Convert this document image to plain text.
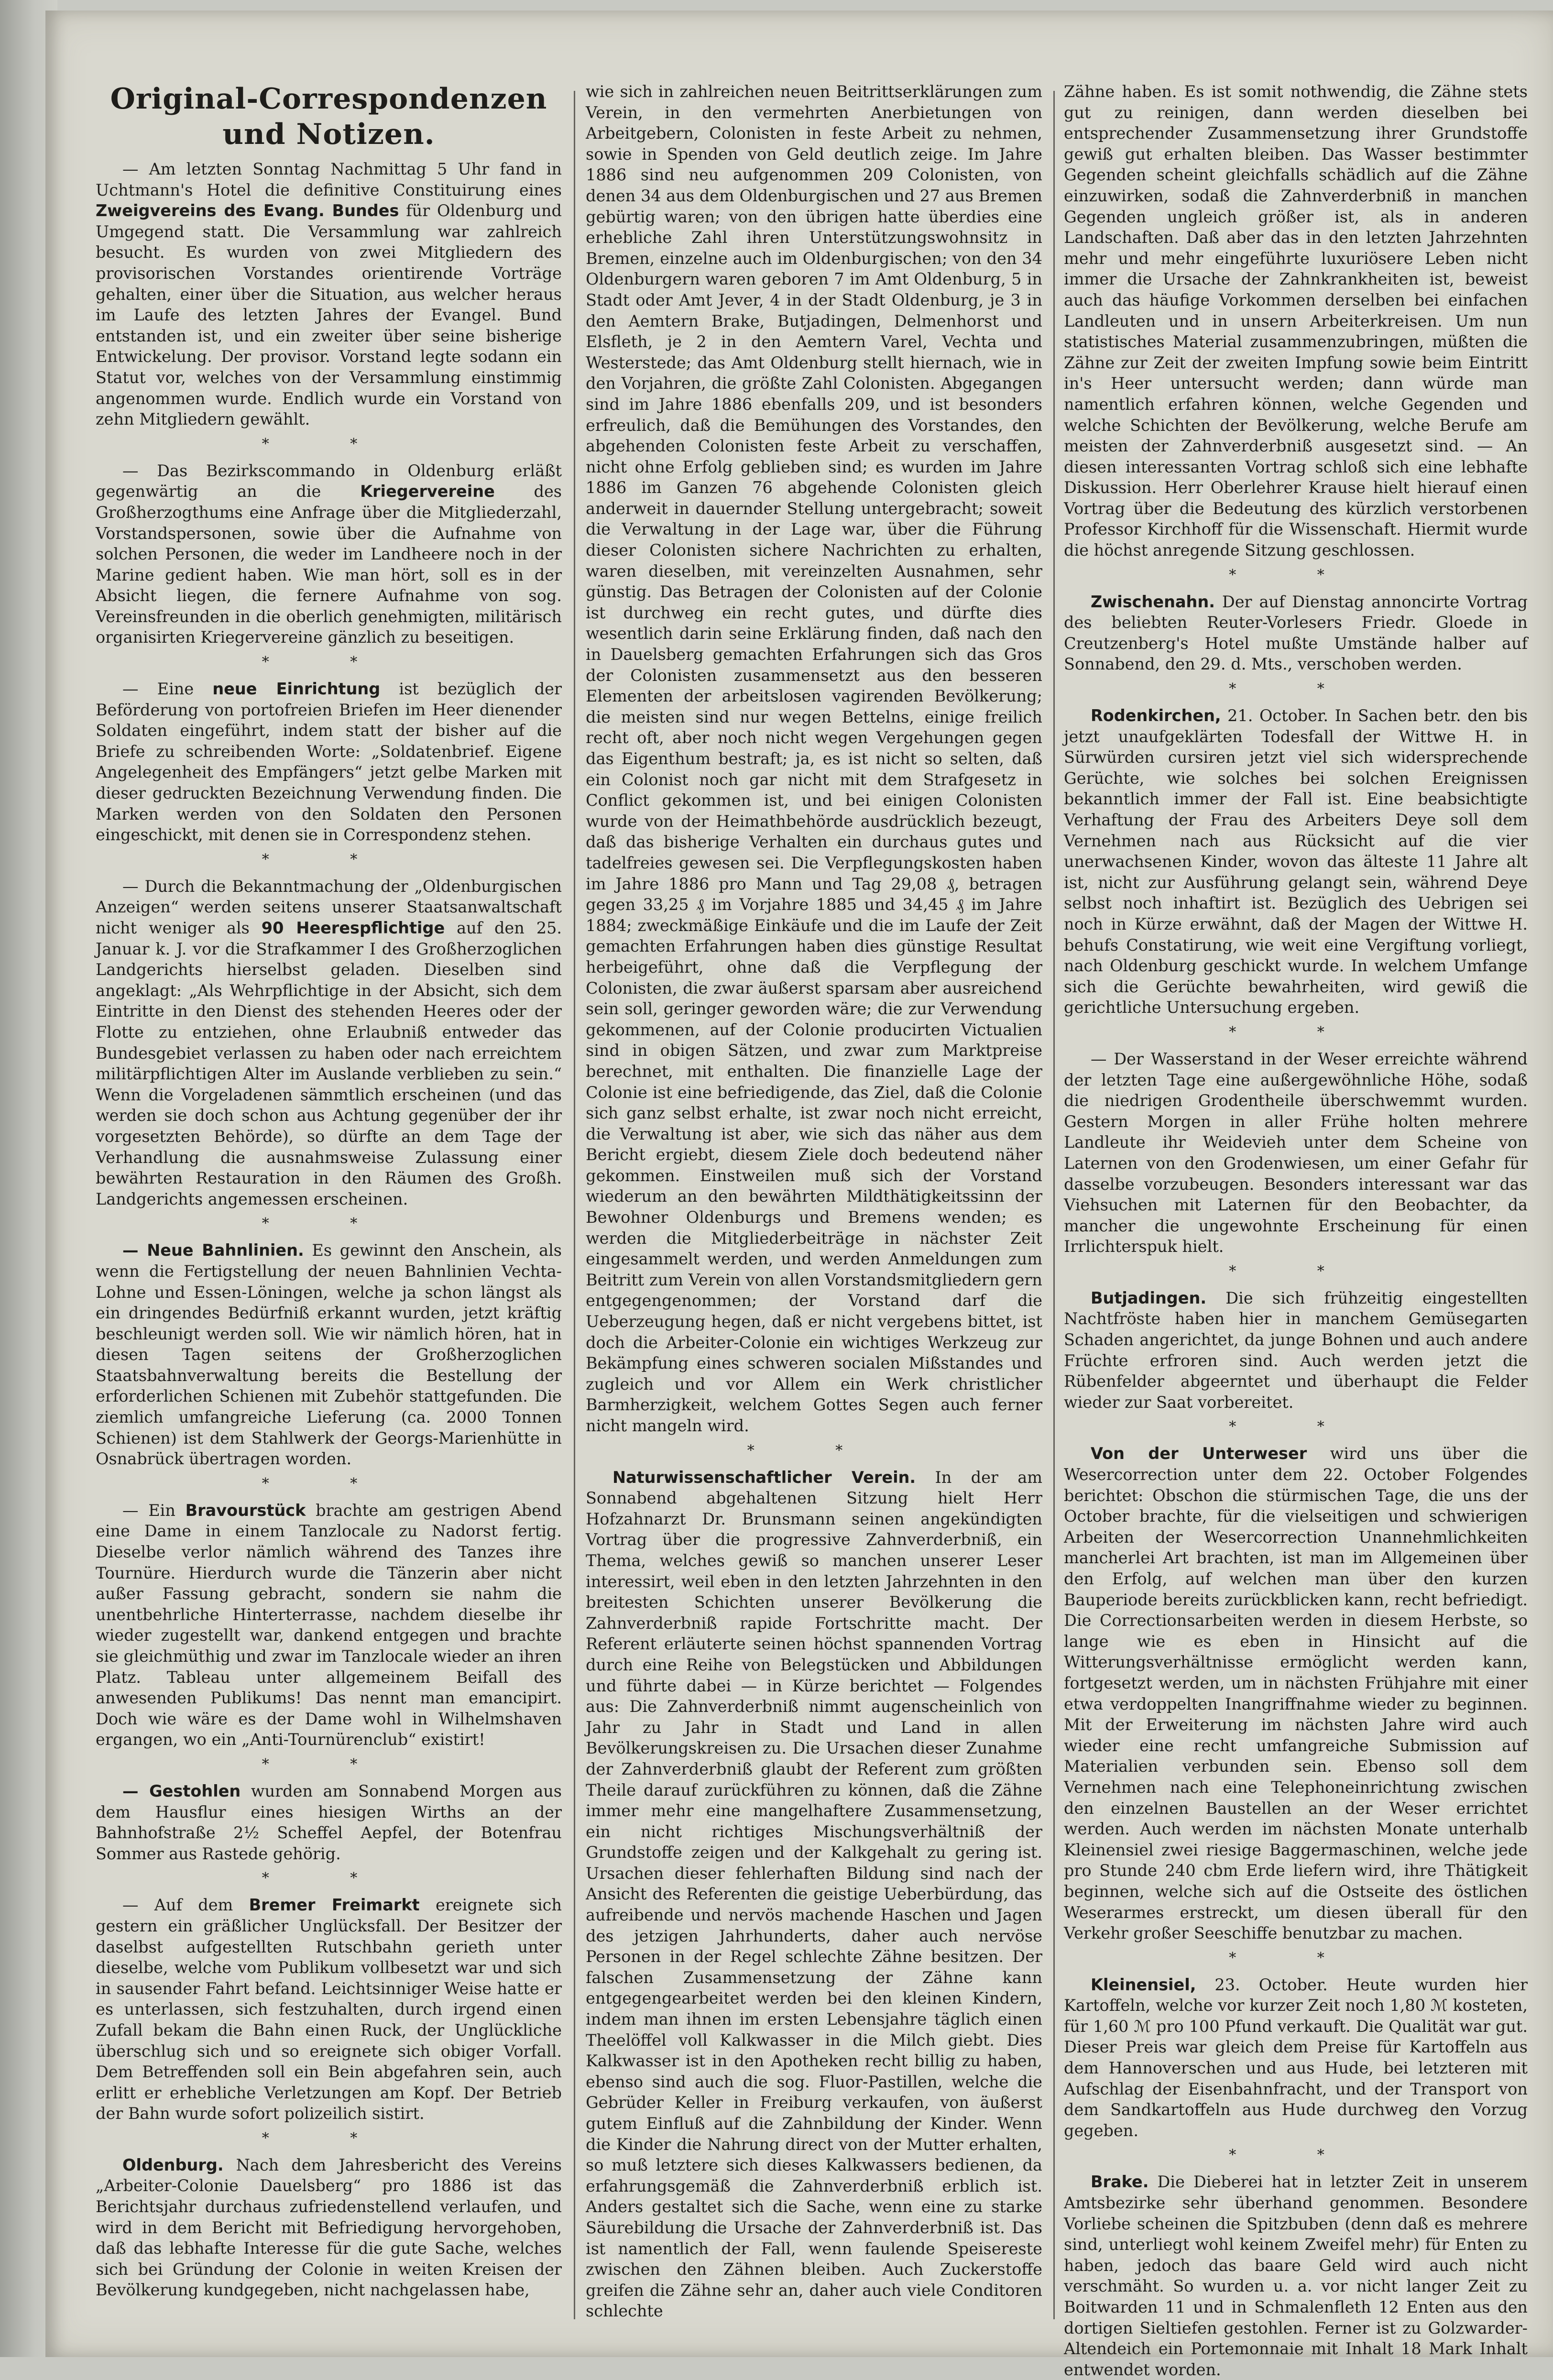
Original-Correspondenzen und Notizen.

— Am letzten Sonntag Nachmittag 5 Uhr fand in Uchtmann's Hotel die definitive Constituirung eines Zweigvereins des Evang. Bundes für Oldenburg und Umgegend statt. Die Versammlung war zahlreich besucht. Es wurden von zwei Mitgliedern des provisorischen Vorstandes orientirende Vorträge gehalten, einer über die Situation, aus welcher heraus im Laufe des letzten Jahres der Evangel. Bund entstanden ist, und ein zweiter über seine bisherige Entwickelung. Der provisor. Vorstand legte sodann ein Statut vor, welches von der Versammlung einstimmig angenommen wurde. Endlich wurde ein Vorstand von zehn Mitgliedern gewählt.

* *

— Das Bezirkscommando in Oldenburg erläßt gegenwärtig an die Kriegervereine des Großherzogthums eine Anfrage über die Mitgliederzahl, Vorstandspersonen, sowie über die Aufnahme von solchen Personen, die weder im Landheere noch in der Marine gedient haben. Wie man hört, soll es in der Absicht liegen, die fernere Aufnahme von sog. Vereinsfreunden in die oberlich genehmigten, militärisch organisirten Kriegervereine gänzlich zu beseitigen.

* *

— Eine neue Einrichtung ist bezüglich der Beförderung von portofreien Briefen im Heer dienender Soldaten eingeführt, indem statt der bisher auf die Briefe zu schreibenden Worte: „Soldatenbrief. Eigene Angelegenheit des Empfängers“ jetzt gelbe Marken mit dieser gedruckten Bezeichnung Verwendung finden. Die Marken werden von den Soldaten den Personen eingeschickt, mit denen sie in Correspondenz stehen.

* *

— Durch die Bekanntmachung der „Oldenburgischen Anzeigen“ werden seitens unserer Staatsanwaltschaft nicht weniger als 90 Heerespflichtige auf den 25. Januar k. J. vor die Strafkammer I des Großherzoglichen Landgerichts hierselbst geladen. Dieselben sind angeklagt: „Als Wehrpflichtige in der Absicht, sich dem Eintritte in den Dienst des stehenden Heeres oder der Flotte zu entziehen, ohne Erlaubniß entweder das Bundesgebiet verlassen zu haben oder nach erreichtem militärpflichtigen Alter im Auslande verblieben zu sein.“ Wenn die Vorgeladenen sämmtlich erscheinen (und das werden sie doch schon aus Achtung gegenüber der ihr vorgesetzten Behörde), so dürfte an dem Tage der Verhandlung die ausnahmsweise Zulassung einer bewährten Restauration in den Räumen des Großh. Landgerichts angemessen erscheinen.

* *

— Neue Bahnlinien. Es gewinnt den Anschein, als wenn die Fertigstellung der neuen Bahnlinien Vechta-Lohne und Essen-Löningen, welche ja schon längst als ein dringendes Bedürfniß erkannt wurden, jetzt kräftig beschleunigt werden soll. Wie wir nämlich hören, hat in diesen Tagen seitens der Großherzoglichen Staatsbahnverwaltung bereits die Bestellung der erforderlichen Schienen mit Zubehör stattgefunden. Die ziemlich umfangreiche Lieferung (ca. 2000 Tonnen Schienen) ist dem Stahlwerk der Georgs-Marienhütte in Osnabrück übertragen worden.

* *

— Ein Bravourstück brachte am gestrigen Abend eine Dame in einem Tanzlocale zu Nadorst fertig. Dieselbe verlor nämlich während des Tanzes ihre Tournüre. Hierdurch wurde die Tänzerin aber nicht außer Fassung gebracht, sondern sie nahm die unentbehrliche Hinterterrasse, nachdem dieselbe ihr wieder zugestellt war, dankend entgegen und brachte sie gleichmüthig und zwar im Tanzlocale wieder an ihren Platz. Tableau unter allgemeinem Beifall des anwesenden Publikums! Das nennt man emancipirt. Doch wie wäre es der Dame wohl in Wilhelmshaven ergangen, wo ein „Anti-Tournürenclub“ existirt!

* *

— Gestohlen wurden am Sonnabend Morgen aus dem Hausflur eines hiesigen Wirths an der Bahnhofstraße 2½ Scheffel Aepfel, der Botenfrau Sommer aus Rastede gehörig.

* *

— Auf dem Bremer Freimarkt ereignete sich gestern ein gräßlicher Unglücksfall. Der Besitzer der daselbst aufgestellten Rutschbahn gerieth unter dieselbe, welche vom Publikum vollbesetzt war und sich in sausender Fahrt befand. Leichtsinniger Weise hatte er es unterlassen, sich festzuhalten, durch irgend einen Zufall bekam die Bahn einen Ruck, der Unglückliche überschlug sich und so ereignete sich obiger Vorfall. Dem Betreffenden soll ein Bein abgefahren sein, auch erlitt er erhebliche Verletzungen am Kopf. Der Betrieb der Bahn wurde sofort polizeilich sistirt.

* *

Oldenburg. Nach dem Jahresbericht des Vereins „Arbeiter-Colonie Dauelsberg“ pro 1886 ist das Berichtsjahr durchaus zufriedenstellend verlaufen, und wird in dem Bericht mit Befriedigung hervorgehoben, daß das lebhafte Interesse für die gute Sache, welches sich bei Gründung der Colonie in weiten Kreisen der Bevölkerung kundgegeben, nicht nachgelassen habe,

wie sich in zahlreichen neuen Beitrittserklärungen zum Verein, in den vermehrten Anerbietungen von Arbeitgebern, Colonisten in feste Arbeit zu nehmen, sowie in Spenden von Geld deutlich zeige. Im Jahre 1886 sind neu aufgenommen 209 Colonisten, von denen 34 aus dem Oldenburgischen und 27 aus Bremen gebürtig waren; von den übrigen hatte überdies eine erhebliche Zahl ihren Unterstützungswohnsitz in Bremen, einzelne auch im Oldenburgischen; von den 34 Oldenburgern waren geboren 7 im Amt Oldenburg, 5 in Stadt oder Amt Jever, 4 in der Stadt Oldenburg, je 3 in den Aemtern Brake, Butjadingen, Delmenhorst und Elsfleth, je 2 in den Aemtern Varel, Vechta und Westerstede; das Amt Oldenburg stellt hiernach, wie in den Vorjahren, die größte Zahl Colonisten. Abgegangen sind im Jahre 1886 ebenfalls 209, und ist besonders erfreulich, daß die Bemühungen des Vorstandes, den abgehenden Colonisten feste Arbeit zu verschaffen, nicht ohne Erfolg geblieben sind; es wurden im Jahre 1886 im Ganzen 76 abgehende Colonisten gleich anderweit in dauernder Stellung untergebracht; soweit die Verwaltung in der Lage war, über die Führung dieser Colonisten sichere Nachrichten zu erhalten, waren dieselben, mit vereinzelten Ausnahmen, sehr günstig. Das Betragen der Colonisten auf der Colonie ist durchweg ein recht gutes, und dürfte dies wesentlich darin seine Erklärung finden, daß nach den in Dauelsberg gemachten Erfahrungen sich das Gros der Colonisten zusammensetzt aus den besseren Elementen der arbeitslosen vagirenden Bevölkerung; die meisten sind nur wegen Bettelns, einige freilich recht oft, aber noch nicht wegen Vergehungen gegen das Eigenthum bestraft; ja, es ist nicht so selten, daß ein Colonist noch gar nicht mit dem Strafgesetz in Conflict gekommen ist, und bei einigen Colonisten wurde von der Heimathbehörde ausdrücklich bezeugt, daß das bisherige Verhalten ein durchaus gutes und tadelfreies gewesen sei. Die Verpflegungskosten haben im Jahre 1886 pro Mann und Tag 29,08 ₰, betragen gegen 33,25 ₰ im Vorjahre 1885 und 34,45 ₰ im Jahre 1884; zweckmäßige Einkäufe und die im Laufe der Zeit gemachten Erfahrungen haben dies günstige Resultat herbeigeführt, ohne daß die Verpflegung der Colonisten, die zwar äußerst sparsam aber ausreichend sein soll, geringer geworden wäre; die zur Verwendung gekommenen, auf der Colonie producirten Victualien sind in obigen Sätzen, und zwar zum Marktpreise berechnet, mit enthalten. Die finanzielle Lage der Colonie ist eine befriedigende, das Ziel, daß die Colonie sich ganz selbst erhalte, ist zwar noch nicht erreicht, die Verwaltung ist aber, wie sich das näher aus dem Bericht ergiebt, diesem Ziele doch bedeutend näher gekommen. Einstweilen muß sich der Vorstand wiederum an den bewährten Mildthätigkeitssinn der Bewohner Oldenburgs und Bremens wenden; es werden die Mitgliederbeiträge in nächster Zeit eingesammelt werden, und werden Anmeldungen zum Beitritt zum Verein von allen Vorstandsmitgliedern gern entgegengenommen; der Vorstand darf die Ueberzeugung hegen, daß er nicht vergebens bittet, ist doch die Arbeiter-Colonie ein wichtiges Werkzeug zur Bekämpfung eines schweren socialen Mißstandes und zugleich und vor Allem ein Werk christlicher Barmherzigkeit, welchem Gottes Segen auch ferner nicht mangeln wird.

* *

Naturwissenschaftlicher Verein. In der am Sonnabend abgehaltenen Sitzung hielt Herr Hofzahnarzt Dr. Brunsmann seinen angekündigten Vortrag über die progressive Zahnverderbniß, ein Thema, welches gewiß so manchen unserer Leser interessirt, weil eben in den letzten Jahrzehnten in den breitesten Schichten unserer Bevölkerung die Zahnverderbniß rapide Fortschritte macht. Der Referent erläuterte seinen höchst spannenden Vortrag durch eine Reihe von Belegstücken und Abbildungen und führte dabei — in Kürze berichtet — Folgendes aus: Die Zahnverderbniß nimmt augenscheinlich von Jahr zu Jahr in Stadt und Land in allen Bevölkerungskreisen zu. Die Ursachen dieser Zunahme der Zahnverderbniß glaubt der Referent zum größten Theile darauf zurückführen zu können, daß die Zähne immer mehr eine mangelhaftere Zusammensetzung, ein nicht richtiges Mischungsverhältniß der Grundstoffe zeigen und der Kalkgehalt zu gering ist. Ursachen dieser fehlerhaften Bildung sind nach der Ansicht des Referenten die geistige Ueberbürdung, das aufreibende und nervös machende Haschen und Jagen des jetzigen Jahrhunderts, daher auch nervöse Personen in der Regel schlechte Zähne besitzen. Der falschen Zusammensetzung der Zähne kann entgegengearbeitet werden bei den kleinen Kindern, indem man ihnen im ersten Lebensjahre täglich einen Theelöffel voll Kalkwasser in die Milch giebt. Dies Kalkwasser ist in den Apotheken recht billig zu haben, ebenso sind auch die sog. Fluor-Pastillen, welche die Gebrüder Keller in Freiburg verkaufen, von äußerst gutem Einfluß auf die Zahnbildung der Kinder. Wenn die Kinder die Nahrung direct von der Mutter erhalten, so muß letztere sich dieses Kalkwassers bedienen, da erfahrungsgemäß die Zahnverderbniß erblich ist. Anders gestaltet sich die Sache, wenn eine zu starke Säurebildung die Ursache der Zahnverderbniß ist. Das ist namentlich der Fall, wenn faulende Speisereste zwischen den Zähnen bleiben. Auch Zuckerstoffe greifen die Zähne sehr an, daher auch viele Conditoren schlechte

Zähne haben. Es ist somit nothwendig, die Zähne stets gut zu reinigen, dann werden dieselben bei entsprechender Zusammensetzung ihrer Grundstoffe gewiß gut erhalten bleiben. Das Wasser bestimmter Gegenden scheint gleichfalls schädlich auf die Zähne einzuwirken, sodaß die Zahnverderbniß in manchen Gegenden ungleich größer ist, als in anderen Landschaften. Daß aber das in den letzten Jahrzehnten mehr und mehr eingeführte luxuriösere Leben nicht immer die Ursache der Zahnkrankheiten ist, beweist auch das häufige Vorkommen derselben bei einfachen Landleuten und in unsern Arbeiterkreisen. Um nun statistisches Material zusammenzubringen, müßten die Zähne zur Zeit der zweiten Impfung sowie beim Eintritt in's Heer untersucht werden; dann würde man namentlich erfahren können, welche Gegenden und welche Schichten der Bevölkerung, welche Berufe am meisten der Zahnverderbniß ausgesetzt sind. — An diesen interessanten Vortrag schloß sich eine lebhafte Diskussion. Herr Oberlehrer Krause hielt hierauf einen Vortrag über die Bedeutung des kürzlich verstorbenen Professor Kirchhoff für die Wissenschaft. Hiermit wurde die höchst anregende Sitzung geschlossen.

* *

Zwischenahn. Der auf Dienstag annoncirte Vortrag des beliebten Reuter-Vorlesers Friedr. Gloede in Creutzenberg's Hotel mußte Umstände halber auf Sonnabend, den 29. d. Mts., verschoben werden.

* *

Rodenkirchen, 21. October. In Sachen betr. den bis jetzt unaufgeklärten Todesfall der Wittwe H. in Sürwürden cursiren jetzt viel sich widersprechende Gerüchte, wie solches bei solchen Ereignissen bekanntlich immer der Fall ist. Eine beabsichtigte Verhaftung der Frau des Arbeiters Deye soll dem Vernehmen nach aus Rücksicht auf die vier unerwachsenen Kinder, wovon das älteste 11 Jahre alt ist, nicht zur Ausführung gelangt sein, während Deye selbst noch inhaftirt ist. Bezüglich des Uebrigen sei noch in Kürze erwähnt, daß der Magen der Wittwe H. behufs Constatirung, wie weit eine Vergiftung vorliegt, nach Oldenburg geschickt wurde. In welchem Umfange sich die Gerüchte bewahrheiten, wird gewiß die gerichtliche Untersuchung ergeben.

* *

— Der Wasserstand in der Weser erreichte während der letzten Tage eine außergewöhnliche Höhe, sodaß die niedrigen Grodentheile überschwemmt wurden. Gestern Morgen in aller Frühe holten mehrere Landleute ihr Weidevieh unter dem Scheine von Laternen von den Grodenwiesen, um einer Gefahr für dasselbe vorzubeugen. Besonders interessant war das Viehsuchen mit Laternen für den Beobachter, da mancher die ungewohnte Erscheinung für einen Irrlichterspuk hielt.

* *

Butjadingen. Die sich frühzeitig eingestellten Nachtfröste haben hier in manchem Gemüsegarten Schaden angerichtet, da junge Bohnen und auch andere Früchte erfroren sind. Auch werden jetzt die Rübenfelder abgeerntet und überhaupt die Felder wieder zur Saat vorbereitet.

* *

Von der Unterweser wird uns über die Wesercorrection unter dem 22. October Folgendes berichtet: Obschon die stürmischen Tage, die uns der October brachte, für die vielseitigen und schwierigen Arbeiten der Wesercorrection Unannehmlichkeiten mancherlei Art brachten, ist man im Allgemeinen über den Erfolg, auf welchen man über den kurzen Bauperiode bereits zurückblicken kann, recht befriedigt. Die Correctionsarbeiten werden in diesem Herbste, so lange wie es eben in Hinsicht auf die Witterungsverhältnisse ermöglicht werden kann, fortgesetzt werden, um in nächsten Frühjahre mit einer etwa verdoppelten Inangriffnahme wieder zu beginnen. Mit der Erweiterung im nächsten Jahre wird auch wieder eine recht umfangreiche Submission auf Materialien verbunden sein. Ebenso soll dem Vernehmen nach eine Telephoneinrichtung zwischen den einzelnen Baustellen an der Weser errichtet werden. Auch werden im nächsten Monate unterhalb Kleinensiel zwei riesige Baggermaschinen, welche jede pro Stunde 240 cbm Erde liefern wird, ihre Thätigkeit beginnen, welche sich auf die Ostseite des östlichen Weserarmes erstreckt, um diesen überall für den Verkehr großer Seeschiffe benutzbar zu machen.

* *

Kleinensiel, 23. October. Heute wurden hier Kartoffeln, welche vor kurzer Zeit noch 1,80 ℳ kosteten, für 1,60 ℳ pro 100 Pfund verkauft. Die Qualität war gut. Dieser Preis war gleich dem Preise für Kartoffeln aus dem Hannoverschen und aus Hude, bei letzteren mit Aufschlag der Eisenbahnfracht, und der Transport von dem Sandkartoffeln aus Hude durchweg den Vorzug gegeben.

* *

Brake. Die Dieberei hat in letzter Zeit in unserem Amtsbezirke sehr überhand genommen. Besondere Vorliebe scheinen die Spitzbuben (denn daß es mehrere sind, unterliegt wohl keinem Zweifel mehr) für Enten zu haben, jedoch das baare Geld wird auch nicht verschmäht. So wurden u. a. vor nicht langer Zeit zu Boitwarden 11 und in Schmalenfleth 12 Enten aus den dortigen Sieltiefen gestohlen. Ferner ist zu Golzwarder-Altendeich ein Portemonnaie mit Inhalt 18 Mark Inhalt entwendet worden.
